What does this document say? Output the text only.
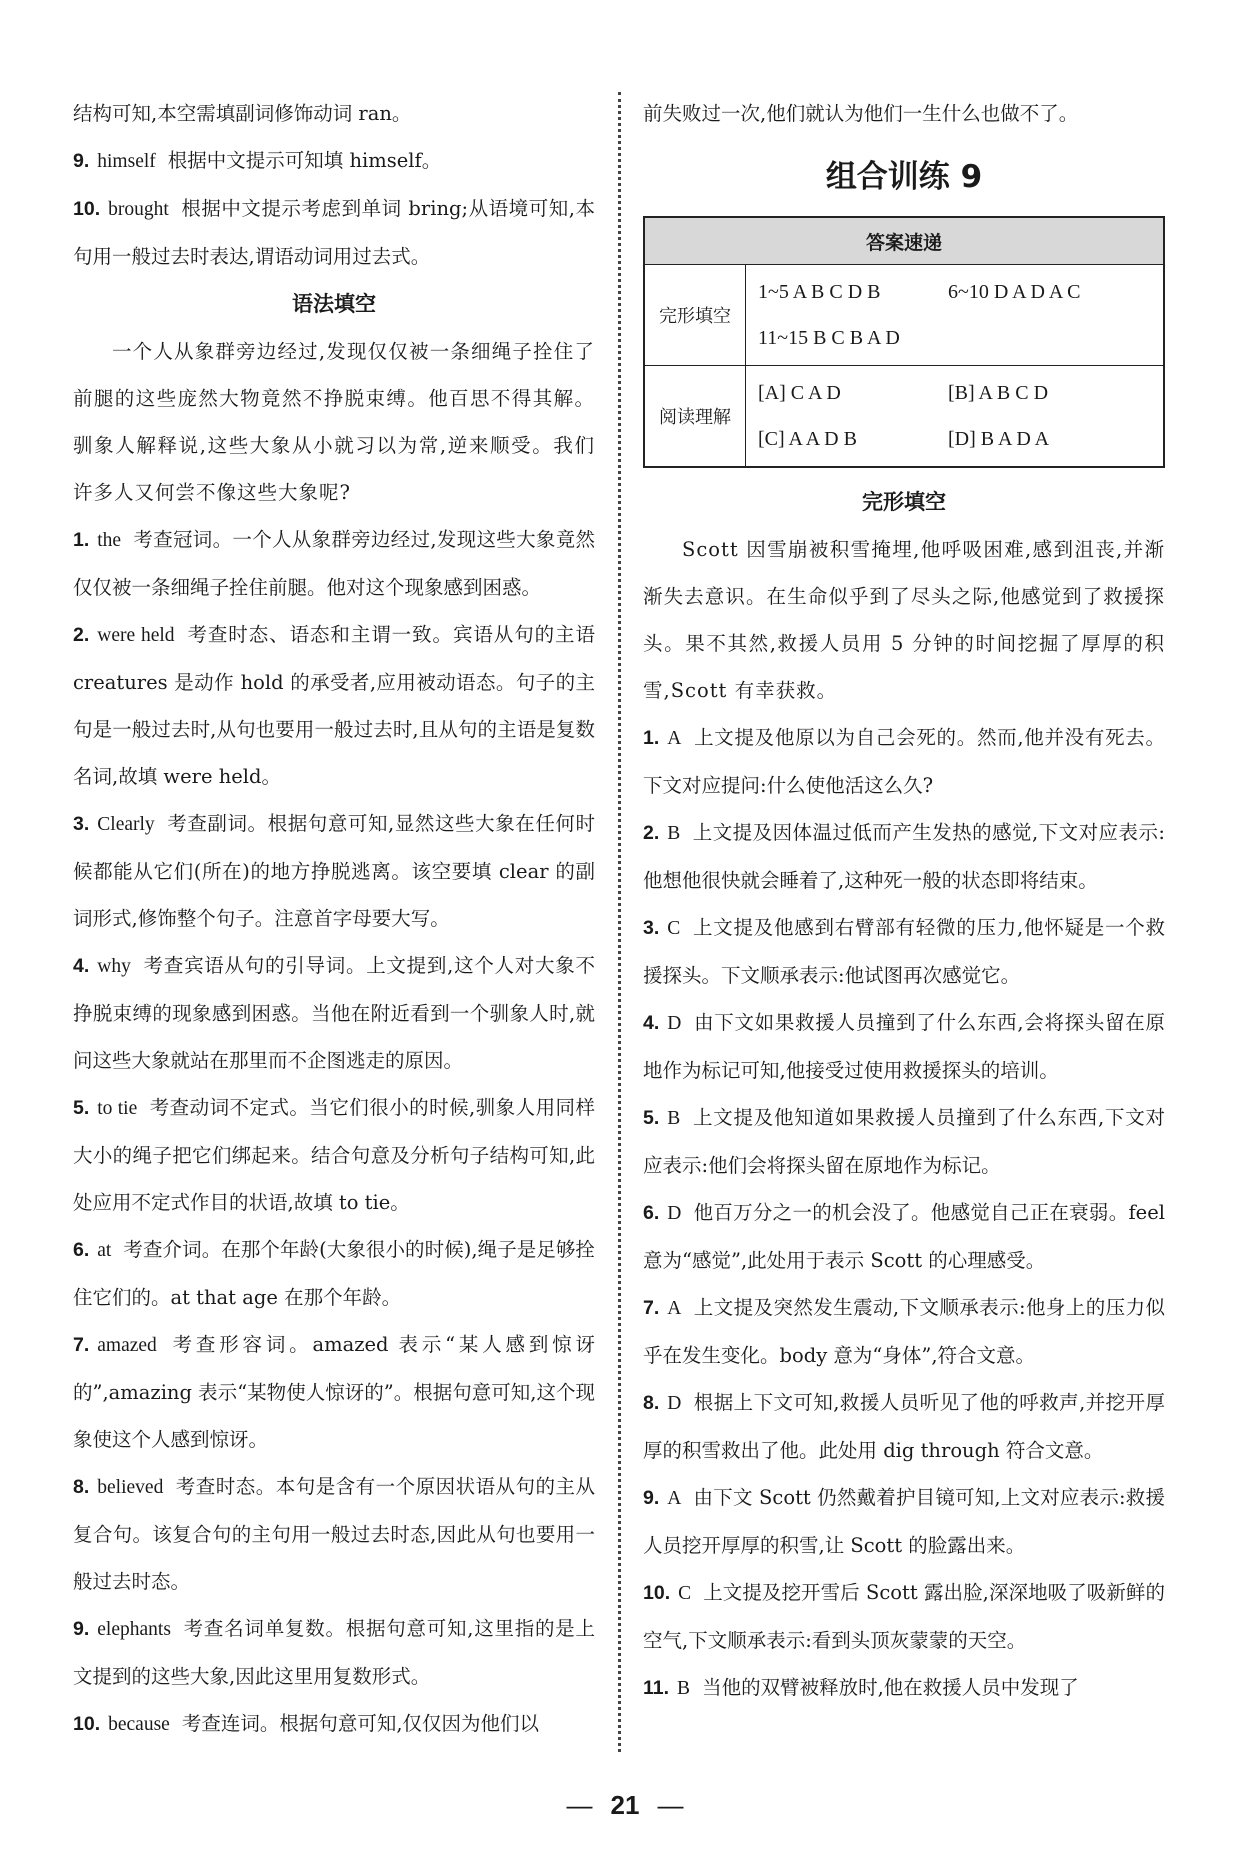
结构可知,本空需填副词修饰动词 ran。

9. himself 根据中文提示可知填 himself。

10. brought 根据中文提示考虑到单词 bring;从语境可知,本句用一般过去时表达,谓语动词用过去式。

语法填空

一个人从象群旁边经过,发现仅仅被一条细绳子拴住了前腿的这些庞然大物竟然不挣脱束缚。他百思不得其解。驯象人解释说,这些大象从小就习以为常,逆来顺受。我们许多人又何尝不像这些大象呢?

1. the 考查冠词。一个人从象群旁边经过,发现这些大象竟然仅仅被一条细绳子拴住前腿。他对这个现象感到困惑。

2. were held 考查时态、语态和主谓一致。宾语从句的主语 creatures 是动作 hold 的承受者,应用被动语态。句子的主句是一般过去时,从句也要用一般过去时,且从句的主语是复数名词,故填 were held。

3. Clearly 考查副词。根据句意可知,显然这些大象在任何时候都能从它们(所在)的地方挣脱逃离。该空要填 clear 的副词形式,修饰整个句子。注意首字母要大写。

4. why 考查宾语从句的引导词。上文提到,这个人对大象不挣脱束缚的现象感到困惑。当他在附近看到一个驯象人时,就问这些大象就站在那里而不企图逃走的原因。

5. to tie 考查动词不定式。当它们很小的时候,驯象人用同样大小的绳子把它们绑起来。结合句意及分析句子结构可知,此处应用不定式作目的状语,故填 to tie。

6. at 考查介词。在那个年龄(大象很小的时候),绳子是足够拴住它们的。at that age 在那个年龄。

7. amazed 考查形容词。amazed 表示“某人感到惊讶的”,amazing 表示“某物使人惊讶的”。根据句意可知,这个现象使这个人感到惊讶。

8. believed 考查时态。本句是含有一个原因状语从句的主从复合句。该复合句的主句用一般过去时态,因此从句也要用一般过去时态。

9. elephants 考查名词单复数。根据句意可知,这里指的是上文提到的这些大象,因此这里用复数形式。

10. because 考查连词。根据句意可知,仅仅因为他们以

前失败过一次,他们就认为他们一生什么也做不了。

组合训练 9
答案速递	
完形填空	1~5 A B C D B 6~10 D A D A C
11~15 B C B A D

阅读理解	[A] C A D [B] A B C D
[C] A A D B [D] B A D A
完形填空

Scott 因雪崩被积雪掩埋,他呼吸困难,感到沮丧,并渐渐失去意识。在生命似乎到了尽头之际,他感觉到了救援探头。果不其然,救援人员用 5 分钟的时间挖掘了厚厚的积雪,Scott 有幸获救。

1. A 上文提及他原以为自己会死的。然而,他并没有死去。下文对应提问:什么使他活这么久?

2. B 上文提及因体温过低而产生发热的感觉,下文对应表示:他想他很快就会睡着了,这种死一般的状态即将结束。

3. C 上文提及他感到右臂部有轻微的压力,他怀疑是一个救援探头。下文顺承表示:他试图再次感觉它。

4. D 由下文如果救援人员撞到了什么东西,会将探头留在原地作为标记可知,他接受过使用救援探头的培训。

5. B 上文提及他知道如果救援人员撞到了什么东西,下文对应表示:他们会将探头留在原地作为标记。

6. D 他百万分之一的机会没了。他感觉自己正在衰弱。feel 意为“感觉”,此处用于表示 Scott 的心理感受。

7. A 上文提及突然发生震动,下文顺承表示:他身上的压力似乎在发生变化。body 意为“身体”,符合文意。

8. D 根据上下文可知,救援人员听见了他的呼救声,并挖开厚厚的积雪救出了他。此处用 dig through 符合文意。

9. A 由下文 Scott 仍然戴着护目镜可知,上文对应表示:救援人员挖开厚厚的积雪,让 Scott 的脸露出来。

10. C 上文提及挖开雪后 Scott 露出脸,深深地吸了吸新鲜的空气,下文顺承表示:看到头顶灰蒙蒙的天空。

11. B 当他的双臂被释放时,他在救援人员中发现了

— 21 —
